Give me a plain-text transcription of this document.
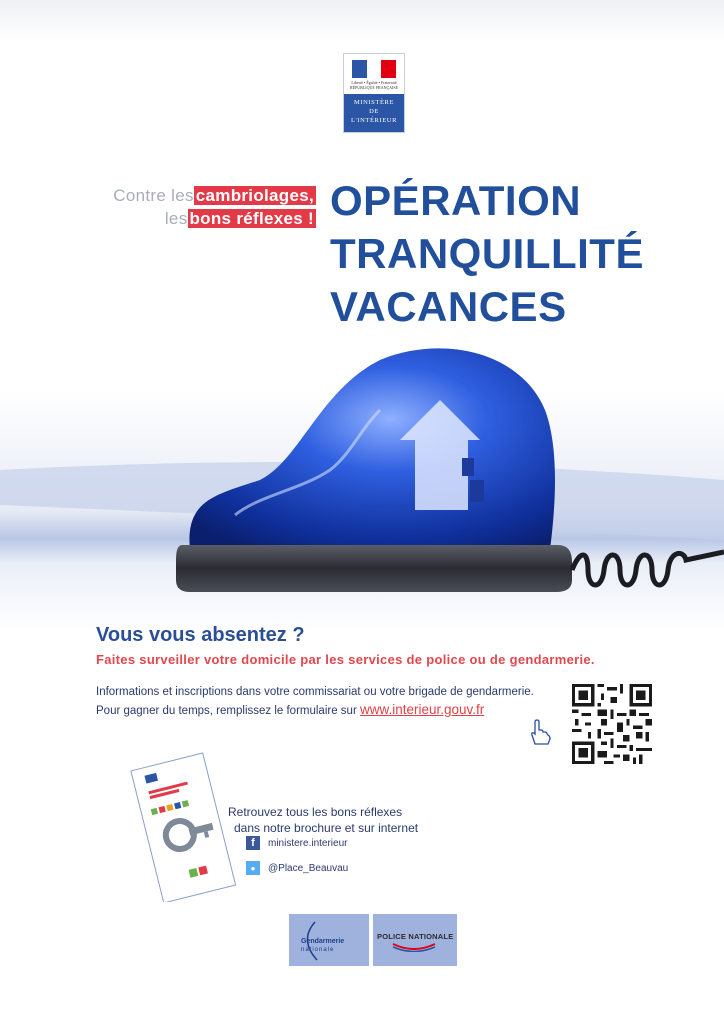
Liberté • Égalité • Fraternité
RÉPUBLIQUE FRANÇAISE
MINISTÈRE
DE
L'INTÉRIEUR
Contre les cambriolages,
les bons réflexes ! OPÉRATION
TRANQUILLITÉ
VACANCES
Vous vous absentez ?
Faites surveiller votre domicile par les services de police ou de gendarmerie.
Informations et inscriptions dans votre commissariat ou votre brigade de gendarmerie.
Pour gagner du temps, remplissez le formulaire sur www.interieur.gouv.fr
Retrouvez tous les bons réflexes
dans notre brochure et sur internet
f	ministere.interieur
●	@Place_Beauvau
Gendarmerie
nationale
POLICE NATIONALE
